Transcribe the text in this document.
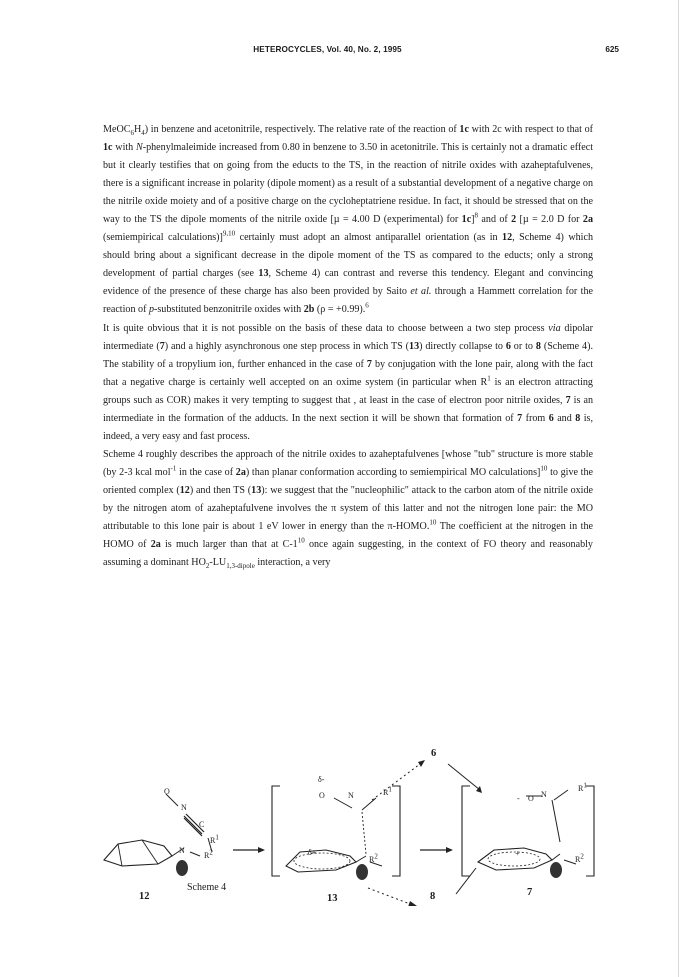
HETEROCYCLES, Vol. 40, No. 2, 1995	625

$MeOC_6H_4$) in benzene and acetonitrile, respectively. The relative rate of the reaction of 1c with 2c with respect to that of 1c with N-phenylmaleimide increased from 0.80 in benzene to 3.50 in acetonitrile. This is certainly not a dramatic effect but it clearly testifies that on going from the educts to the TS, in the reaction of nitrile oxides with azaheptafulvenes, there is a significant increase in polarity (dipole moment) as a result of a substantial development of a negative charge on the nitrile oxide moiety and of a positive charge on the cycloheptatriene residue. In fact, it should be stressed that on the way to the TS the dipole moments of the nitrile oxide [µ = 4.00 D (experimental) for 1c]$^8$ and of 2 [µ = 2.0 D for 2a (semiempirical calculations)]$^{9,10}$ certainly must adopt an almost antiparallel orientation (as in 12, Scheme 4) which should bring about a significant decrease in the dipole moment of the TS as compared to the educts; only a strong development of partial charges (see 13, Scheme 4) can contrast and reverse this tendency. Elegant and convincing evidence of the presence of these charge has also been provided by Saito et al. through a Hammett correlation for the reaction of p-substituted benzonitrile oxides with 2b (ρ = +0.99).$^6$

It is quite obvious that it is not possible on the basis of these data to choose between a two step process via dipolar intermediate (7) and a highly asynchronous one step process in which TS (13) directly collapse to 6 or to 8 (Scheme 4). The stability of a tropylium ion, further enhanced in the case of 7 by conjugation with the lone pair, along with the fact that a negative charge is certainly well accepted on an oxime system (in particular when $R^1$ is an electron attracting groups such as COR) makes it very tempting to suggest that , at least in the case of electron poor nitrile oxides, 7 is an intermediate in the formation of the adducts. In the next section it will be shown that formation of 7 from 6 and 8 is, indeed, a very easy and fast process.

Scheme 4 roughly describes the approach of the nitrile oxides to azaheptafulvenes [whose "tub" structure is more stable (by 2-3 kcal mol$^{-1}$ in the case of 2a) than planar conformation according to semiempirical MO calculations]$^{10}$ to give the oriented complex (12) and then TS (13): we suggest that the "nucleophilic" attack to the carbon atom of the nitrile oxide by the nitrogen atom of azaheptafulvene involves the π system of this latter and not the nitrogen lone pair: the MO attributable to this lone pair is about 1 eV lower in energy than the π-HOMO.$^{10}$ The coefficient at the nitrogen in the HOMO of 2a is much larger than that at $C-1^{10}$ once again suggesting, in the context of FO theory and reasonably assuming a dominant $HO_2-LU_{1,3-dipole}$ interaction, a very

O
N
C
$R^1$
N
$R^2$
δ-
O	N	$R^1$
δ+
$R^2$
- O N
$R^1$
+
$R^2$
12	13
7
6
8
Scheme 4
